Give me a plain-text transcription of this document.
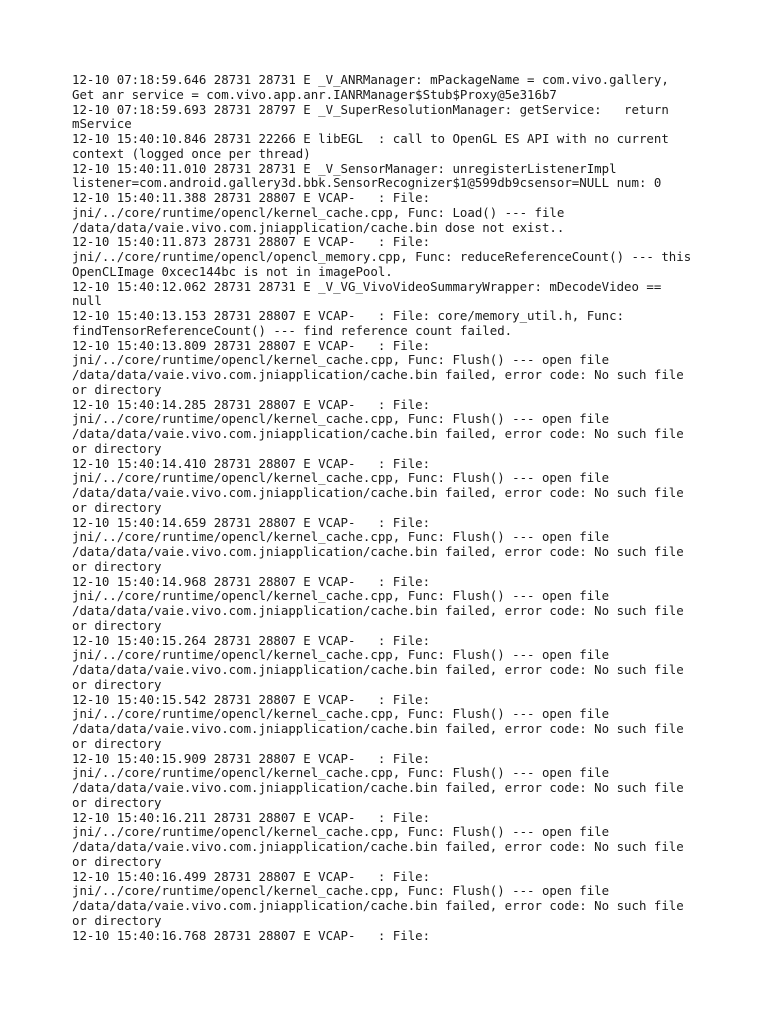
12-10 07:18:59.646 28731 28731 E _V_ANRManager: mPackageName = com.vivo.gallery,
Get anr service = com.vivo.app.anr.IANRManager$Stub$Proxy@5e316b7
12-10 07:18:59.693 28731 28797 E _V_SuperResolutionManager: getService:   return
mService
12-10 15:40:10.846 28731 22266 E libEGL  : call to OpenGL ES API with no current
context (logged once per thread)
12-10 15:40:11.010 28731 28731 E _V_SensorManager: unregisterListenerImpl
listener=com.android.gallery3d.bbk.SensorRecognizer$1@599db9csensor=NULL num: 0
12-10 15:40:11.388 28731 28807 E VCAP-   : File:
jni/../core/runtime/opencl/kernel_cache.cpp, Func: Load() --- file
/data/data/vaie.vivo.com.jniapplication/cache.bin dose not exist..
12-10 15:40:11.873 28731 28807 E VCAP-   : File:
jni/../core/runtime/opencl/opencl_memory.cpp, Func: reduceReferenceCount() --- this
OpenCLImage 0xcec144bc is not in imagePool.
12-10 15:40:12.062 28731 28731 E _V_VG_VivoVideoSummaryWrapper: mDecodeVideo ==
null
12-10 15:40:13.153 28731 28807 E VCAP-   : File: core/memory_util.h, Func:
findTensorReferenceCount() --- find reference count failed.
12-10 15:40:13.809 28731 28807 E VCAP-   : File:
jni/../core/runtime/opencl/kernel_cache.cpp, Func: Flush() --- open file
/data/data/vaie.vivo.com.jniapplication/cache.bin failed, error code: No such file
or directory
12-10 15:40:14.285 28731 28807 E VCAP-   : File:
jni/../core/runtime/opencl/kernel_cache.cpp, Func: Flush() --- open file
/data/data/vaie.vivo.com.jniapplication/cache.bin failed, error code: No such file
or directory
12-10 15:40:14.410 28731 28807 E VCAP-   : File:
jni/../core/runtime/opencl/kernel_cache.cpp, Func: Flush() --- open file
/data/data/vaie.vivo.com.jniapplication/cache.bin failed, error code: No such file
or directory
12-10 15:40:14.659 28731 28807 E VCAP-   : File:
jni/../core/runtime/opencl/kernel_cache.cpp, Func: Flush() --- open file
/data/data/vaie.vivo.com.jniapplication/cache.bin failed, error code: No such file
or directory
12-10 15:40:14.968 28731 28807 E VCAP-   : File:
jni/../core/runtime/opencl/kernel_cache.cpp, Func: Flush() --- open file
/data/data/vaie.vivo.com.jniapplication/cache.bin failed, error code: No such file
or directory
12-10 15:40:15.264 28731 28807 E VCAP-   : File:
jni/../core/runtime/opencl/kernel_cache.cpp, Func: Flush() --- open file
/data/data/vaie.vivo.com.jniapplication/cache.bin failed, error code: No such file
or directory
12-10 15:40:15.542 28731 28807 E VCAP-   : File:
jni/../core/runtime/opencl/kernel_cache.cpp, Func: Flush() --- open file
/data/data/vaie.vivo.com.jniapplication/cache.bin failed, error code: No such file
or directory
12-10 15:40:15.909 28731 28807 E VCAP-   : File:
jni/../core/runtime/opencl/kernel_cache.cpp, Func: Flush() --- open file
/data/data/vaie.vivo.com.jniapplication/cache.bin failed, error code: No such file
or directory
12-10 15:40:16.211 28731 28807 E VCAP-   : File:
jni/../core/runtime/opencl/kernel_cache.cpp, Func: Flush() --- open file
/data/data/vaie.vivo.com.jniapplication/cache.bin failed, error code: No such file
or directory
12-10 15:40:16.499 28731 28807 E VCAP-   : File:
jni/../core/runtime/opencl/kernel_cache.cpp, Func: Flush() --- open file
/data/data/vaie.vivo.com.jniapplication/cache.bin failed, error code: No such file
or directory
12-10 15:40:16.768 28731 28807 E VCAP-   : File:
